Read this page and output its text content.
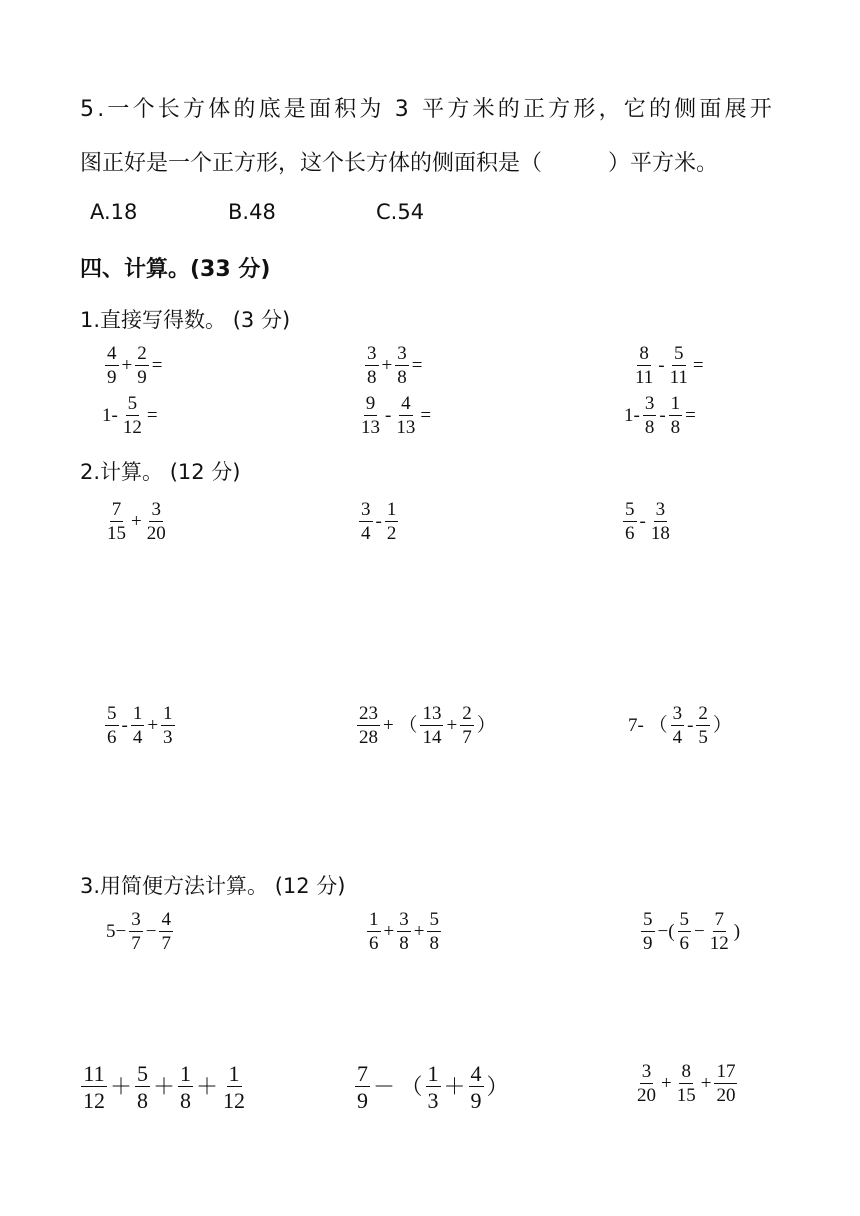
5.一个长方体的底是面积为 3 平方米的正方形，它的侧面展开
图正好是一个正方形，这个长方体的侧面积是（　　　）平方米。
A.18	B.48	C.54
四、计算。(33 分)
1.直接写得数。 (3 分)
2.计算。 (12 分)
3.用简便方法计算。 (12 分)
$\frac{4}{9} + \frac{2}{9}$ =	$\frac{3}{8} + \frac{3}{8}$ =	$\frac{8}{11} - \frac{5}{11}$ =
$1- \frac{5}{12}$ =	$\frac{9}{13} - \frac{4}{13}$ =	$1- \frac{3}{8} - \frac{1}{8}$ =
$\frac{7}{15} + \frac{3}{20}$	$\frac{3}{4} - \frac{1}{2}$	$\frac{5}{6} - \frac{3}{18}$
$\frac{5}{6} - \frac{1}{4} + \frac{1}{3}$	$\frac{23}{28}$ + （ $\frac{13}{14} + \frac{2}{7}$ ）	7- （ $\frac{3}{4} - \frac{2}{5}$ ）
$5- \frac{3}{7} - \frac{4}{7}$	$\frac{1}{6} + \frac{3}{8} + \frac{5}{8}$	$\frac{5}{9}$ −( $\frac{5}{6} - \frac{7}{12}$ )
$\frac{11}{12} + \frac{5}{8} + \frac{1}{8} + \frac{1}{12}$	$\frac{7}{9}$ － （ $\frac{1}{3} + \frac{4}{9}$ ）	$\frac{3}{20} + \frac{8}{15} + \frac{17}{20}$
